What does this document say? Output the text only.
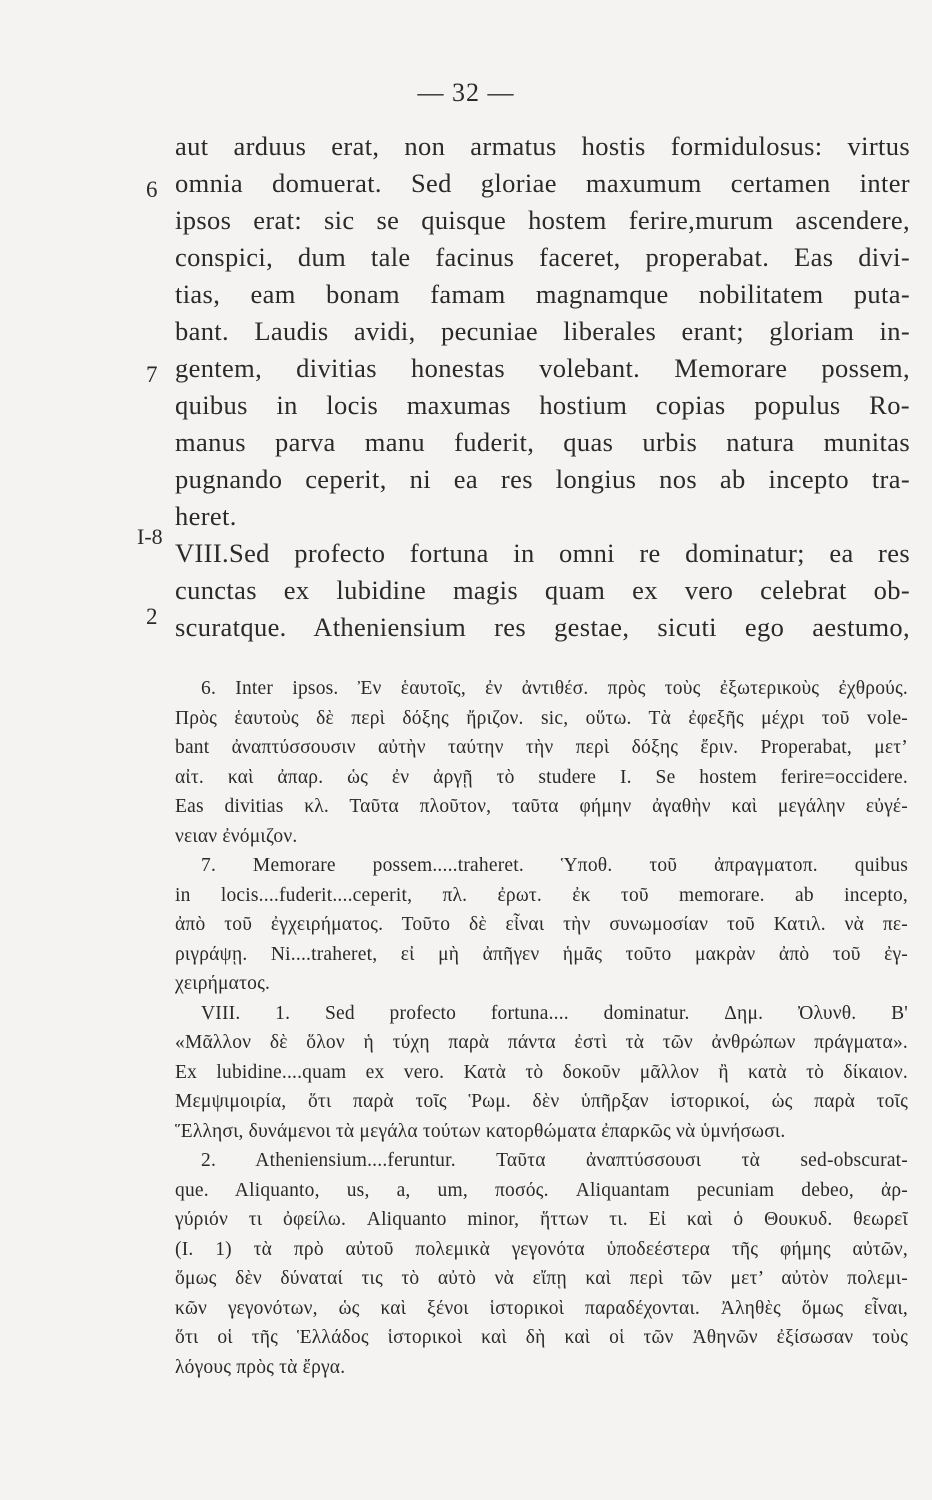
— 32 —
6
7
I-8
2
aut arduus erat, non armatus hostis formidulosus: virtus
omnia domuerat. Sed gloriae maxumum certamen inter
ipsos erat: sic se quisque hostem ferire,murum ascendere,
conspici, dum tale facinus faceret, properabat. Eas divi-
tias, eam bonam famam magnamque nobilitatem puta-
bant. Laudis avidi, pecuniae liberales erant; gloriam in-
gentem, divitias honestas volebant. Memorare possem,
quibus in locis maxumas hostium copias populus Ro-
manus parva manu fuderit, quas urbis natura munitas
pugnando ceperit, ni ea res longius nos ab incepto tra-
heret.
VIII.Sed profecto fortuna in omni re dominatur; ea res
cunctas ex lubidine magis quam ex vero celebrat ob-
scuratque. Atheniensium res gestae, sicuti ego aestumo,
6. Inter ipsos. Ἐν ἑαυτοῖς, ἐν ἀντιθέσ. πρὸς τοὺς ἐξωτερικοὺς ἐχθρούς.
Πρὸς ἑαυτοὺς δὲ περὶ δόξης ἤριζον. sic, οὕτω. Τὰ ἐφεξῆς μέχρι τοῦ vole-
bant ἀναπτύσσουσιν αὐτὴν ταύτην τὴν περὶ δόξης ἔριν. Properabat, μετ’
αἰτ. καὶ ἀπαρ. ὡς ἐν ἀργῇ τὸ studere I. Se hostem ferire=occidere.
Eas divitias κλ. Ταῦτα πλοῦτον, ταῦτα φήμην ἀγαθὴν καὶ μεγάλην εὐγέ-
νειαν ἐνόμιζον.
7. Memorare possem.....traheret. Ὑποθ. τοῦ ἀπραγματοπ. quibus
in locis....fuderit....ceperit, πλ. ἐρωτ. ἐκ τοῦ memorare. ab incepto,
ἀπὸ τοῦ ἐγχειρήματος. Τοῦτο δὲ εἶναι τὴν συνωμοσίαν τοῦ Κατιλ. νὰ πε-
ριγράψῃ. Ni....traheret, εἰ μὴ ἀπῆγεν ἡμᾶς τοῦτο μακρὰν ἀπὸ τοῦ ἐγ-
χειρήματος.
VIII. 1. Sed profecto fortuna.... dominatur. Δημ. Ὀλυνθ. Β'
«Μᾶλλον δὲ ὅλον ἡ τύχη παρὰ πάντα ἐστὶ τὰ τῶν ἀνθρώπων πράγματα».
Ex lubidine....quam ex vero. Κατὰ τὸ δοκοῦν μᾶλλον ἢ κατὰ τὸ δίκαιον.
Μεμψιμοιρία, ὅτι παρὰ τοῖς Ῥωμ. δὲν ὑπῆρξαν ἱστορικοί, ὡς παρὰ τοῖς
Ἕλλησι, δυνάμενοι τὰ μεγάλα τούτων κατορθώματα ἐπαρκῶς νὰ ὑμνήσωσι.
2. Atheniensium....feruntur. Ταῦτα ἀναπτύσσουσι τὰ sed-obscurat-
que. Aliquanto, us, a, um, ποσός. Aliquantam pecuniam debeo, ἀρ-
γύριόν τι ὀφείλω. Aliquanto minor, ἥττων τι. Εἰ καὶ ὁ Θουκυδ. θεωρεῖ
(I. 1) τὰ πρὸ αὐτοῦ πολεμικὰ γεγονότα ὑποδεέστερα τῆς φήμης αὐτῶν,
ὅμως δὲν δύναταί τις τὸ αὐτὸ νὰ εἴπῃ καὶ περὶ τῶν μετ’ αὐτὸν πολεμι-
κῶν γεγονότων, ὡς καὶ ξένοι ἱστορικοὶ παραδέχονται. Ἀληθὲς ὅμως εἶναι,
ὅτι οἱ τῆς Ἑλλάδος ἱστορικοὶ καὶ δὴ καὶ οἱ τῶν Ἀθηνῶν ἐξίσωσαν τοὺς
λόγους πρὸς τὰ ἔργα.
